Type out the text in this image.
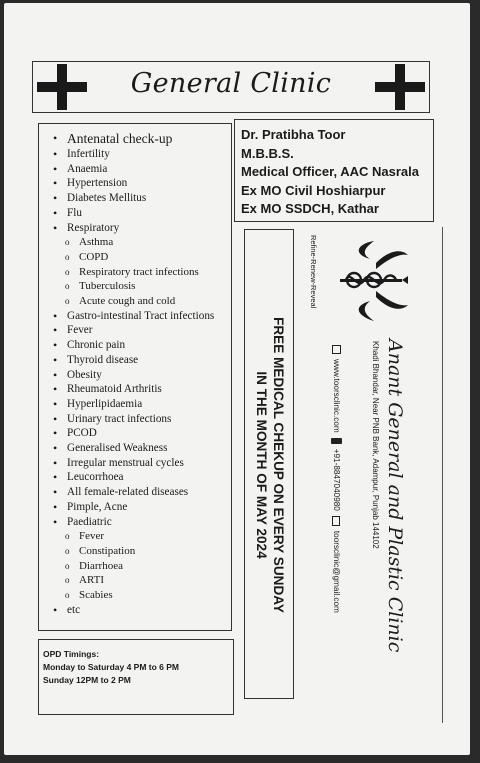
General Clinic
• Antenatal check-up
• Infertility
• Anaemia
• Hypertension
• Diabetes Mellitus
• Flu
• Respiratory
o Asthma
o COPD
o Respiratory tract infections
o Tuberculosis
o Acute cough and cold
• Gastro-intestinal Tract infections
• Fever
• Chronic pain
• Thyroid disease
• Obesity
• Rheumatoid Arthritis
• Hyperlipidaemia
• Urinary tract infections
• PCOD
• Generalised Weakness
• Irregular menstrual cycles
• Leucorrhoea
• All female-related diseases
• Pimple, Acne
• Paediatric
o Fever
o Constipation
o Diarrhoea
o ARTI
o Scabies
• etc
OPD Timings:
Monday to Saturday 4 PM to 6 PM
Sunday 12PM to 2 PM
Dr. Pratibha Toor
M.B.B.S.
Medical Officer, AAC Nasrala
Ex MO Civil Hoshiarpur
Ex MO SSDCH, Kathar
FREE MEDICAL CHEKUP ON EVERY SUNDAY
IN THE MONTH OF MAY 2024
Refine-Renew-Reveal
Anant General and Plastic Clinic
Khadi Bhandar, Near PNB Bank, Adampur, Punjab 144102
www.toorsclinic.com
+91-8847040980
toorsclinic@gmail.com
